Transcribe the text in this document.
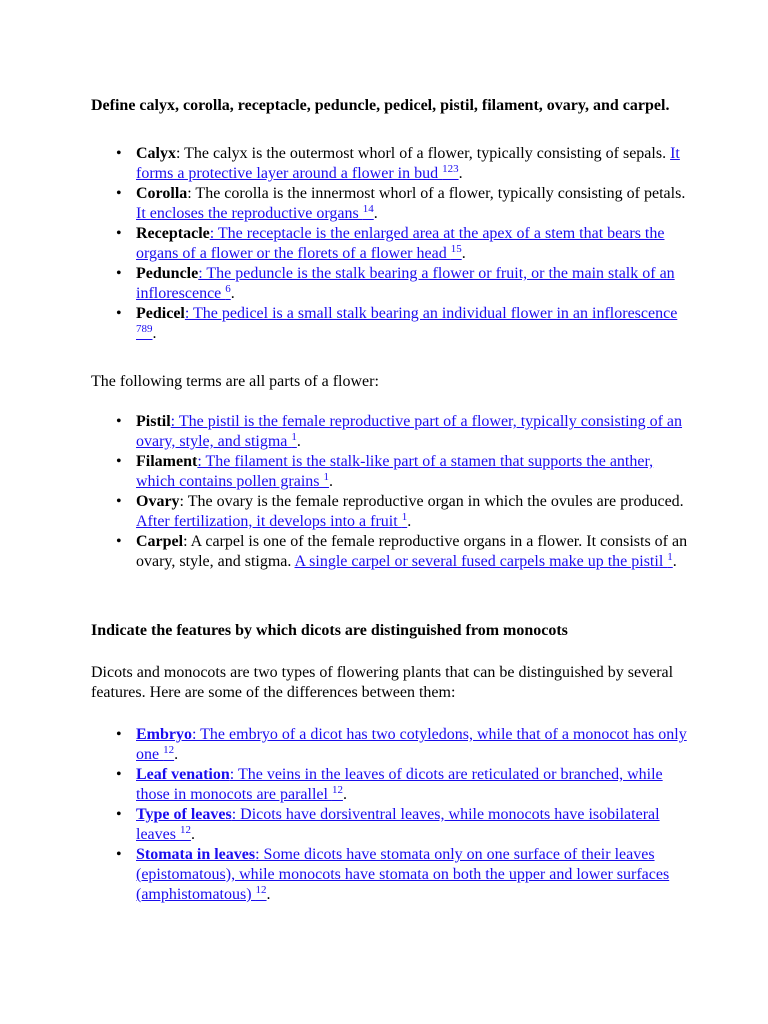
Define calyx, corolla, receptacle, peduncle, pedicel, pistil, filament, ovary, and carpel.
• Calyx: The calyx is the outermost whorl of a flower, typically consisting of sepals. It forms a protective layer around a flower in bud $^{123}$.
• Corolla: The corolla is the innermost whorl of a flower, typically consisting of petals. It encloses the reproductive organs $^{14}$.
• Receptacle: The receptacle is the enlarged area at the apex of a stem that bears the organs of a flower or the florets of a flower head $^{15}$.
• Peduncle: The peduncle is the stalk bearing a flower or fruit, or the main stalk of an inflorescence $^6$.
• Pedicel: The pedicel is a small stalk bearing an individual flower in an inflorescence $^{789}$.

The following terms are all parts of a flower:

• Pistil: The pistil is the female reproductive part of a flower, typically consisting of an ovary, style, and stigma $^1$.
• Filament: The filament is the stalk-like part of a stamen that supports the anther, which contains pollen grains $^1$.
• Ovary: The ovary is the female reproductive organ in which the ovules are produced. After fertilization, it develops into a fruit $^1$.
• Carpel: A carpel is one of the female reproductive organs in a flower. It consists of an ovary, style, and stigma. A single carpel or several fused carpels make up the pistil $^1$.
Indicate the features by which dicots are distinguished from monocots

Dicots and monocots are two types of flowering plants that can be distinguished by several features. Here are some of the differences between them:

• Embryo: The embryo of a dicot has two cotyledons, while that of a monocot has only one $^{12}$.
• Leaf venation: The veins in the leaves of dicots are reticulated or branched, while those in monocots are parallel $^{12}$.
• Type of leaves: Dicots have dorsiventral leaves, while monocots have isobilateral leaves $^{12}$.
• Stomata in leaves: Some dicots have stomata only on one surface of their leaves (epistomatous), while monocots have stomata on both the upper and lower surfaces (amphistomatous) $^{12}$.
